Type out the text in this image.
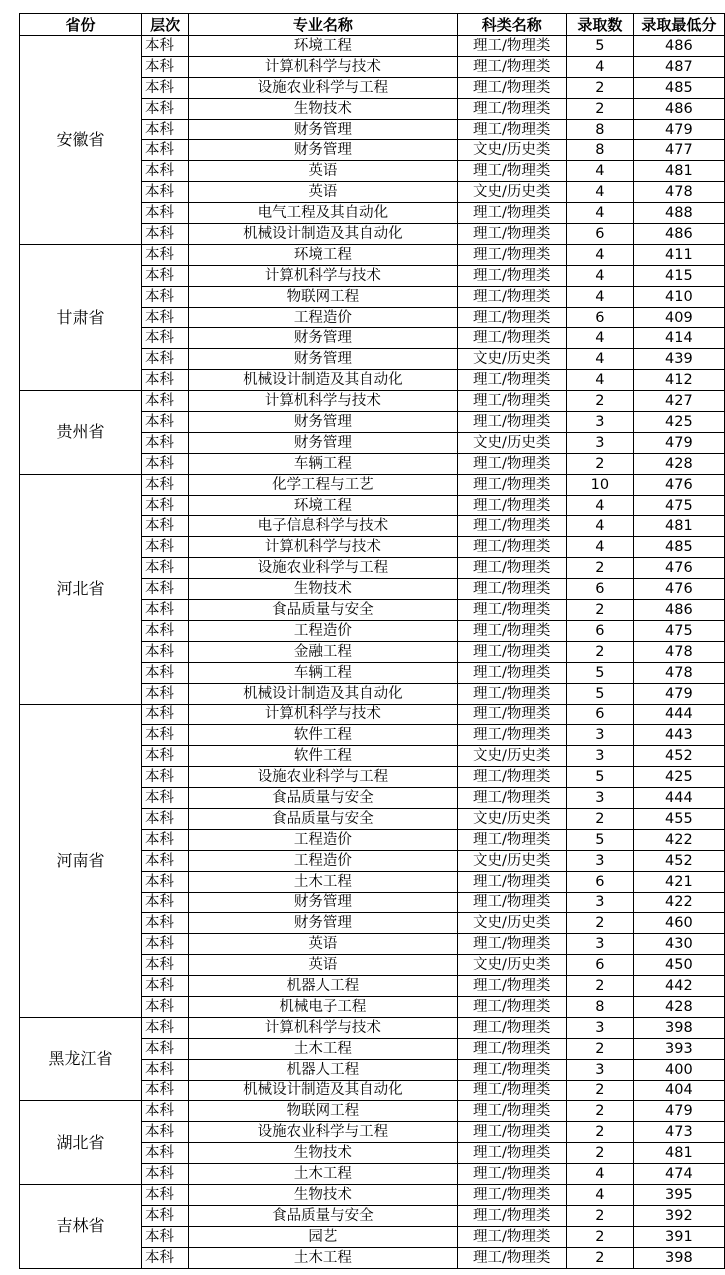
省份	层次	专业名称	科类名称	录取数	录取最低分
安徽省	本科	环境工程	理工/物理类	5	486
	本科	计算机科学与技术	理工/物理类	4	487
	本科	设施农业科学与工程	理工/物理类	2	485
	本科	生物技术	理工/物理类	2	486
	本科	财务管理	理工/物理类	8	479
	本科	财务管理	文史/历史类	8	477
	本科	英语	理工/物理类	4	481
	本科	英语	文史/历史类	4	478
	本科	电气工程及其自动化	理工/物理类	4	488
	本科	机械设计制造及其自动化	理工/物理类	6	486
甘肃省	本科	环境工程	理工/物理类	4	411
	本科	计算机科学与技术	理工/物理类	4	415
	本科	物联网工程	理工/物理类	4	410
	本科	工程造价	理工/物理类	6	409
	本科	财务管理	理工/物理类	4	414
	本科	财务管理	文史/历史类	4	439
	本科	机械设计制造及其自动化	理工/物理类	4	412
贵州省	本科	计算机科学与技术	理工/物理类	2	427
	本科	财务管理	理工/物理类	3	425
	本科	财务管理	文史/历史类	3	479
	本科	车辆工程	理工/物理类	2	428
河北省	本科	化学工程与工艺	理工/物理类	10	476
	本科	环境工程	理工/物理类	4	475
	本科	电子信息科学与技术	理工/物理类	4	481
	本科	计算机科学与技术	理工/物理类	4	485
	本科	设施农业科学与工程	理工/物理类	2	476
	本科	生物技术	理工/物理类	6	476
	本科	食品质量与安全	理工/物理类	2	486
	本科	工程造价	理工/物理类	6	475
	本科	金融工程	理工/物理类	2	478
	本科	车辆工程	理工/物理类	5	478
	本科	机械设计制造及其自动化	理工/物理类	5	479
河南省	本科	计算机科学与技术	理工/物理类	6	444
	本科	软件工程	理工/物理类	3	443
	本科	软件工程	文史/历史类	3	452
	本科	设施农业科学与工程	理工/物理类	5	425
	本科	食品质量与安全	理工/物理类	3	444
	本科	食品质量与安全	文史/历史类	2	455
	本科	工程造价	理工/物理类	5	422
	本科	工程造价	文史/历史类	3	452
	本科	土木工程	理工/物理类	6	421
	本科	财务管理	理工/物理类	3	422
	本科	财务管理	文史/历史类	2	460
	本科	英语	理工/物理类	3	430
	本科	英语	文史/历史类	6	450
	本科	机器人工程	理工/物理类	2	442
	本科	机械电子工程	理工/物理类	8	428
黑龙江省	本科	计算机科学与技术	理工/物理类	3	398
	本科	土木工程	理工/物理类	2	393
	本科	机器人工程	理工/物理类	3	400
	本科	机械设计制造及其自动化	理工/物理类	2	404
湖北省	本科	物联网工程	理工/物理类	2	479
	本科	设施农业科学与工程	理工/物理类	2	473
	本科	生物技术	理工/物理类	2	481
	本科	土木工程	理工/物理类	4	474
吉林省	本科	生物技术	理工/物理类	4	395
	本科	食品质量与安全	理工/物理类	2	392
	本科	园艺	理工/物理类	2	391
	本科	土木工程	理工/物理类	2	398
